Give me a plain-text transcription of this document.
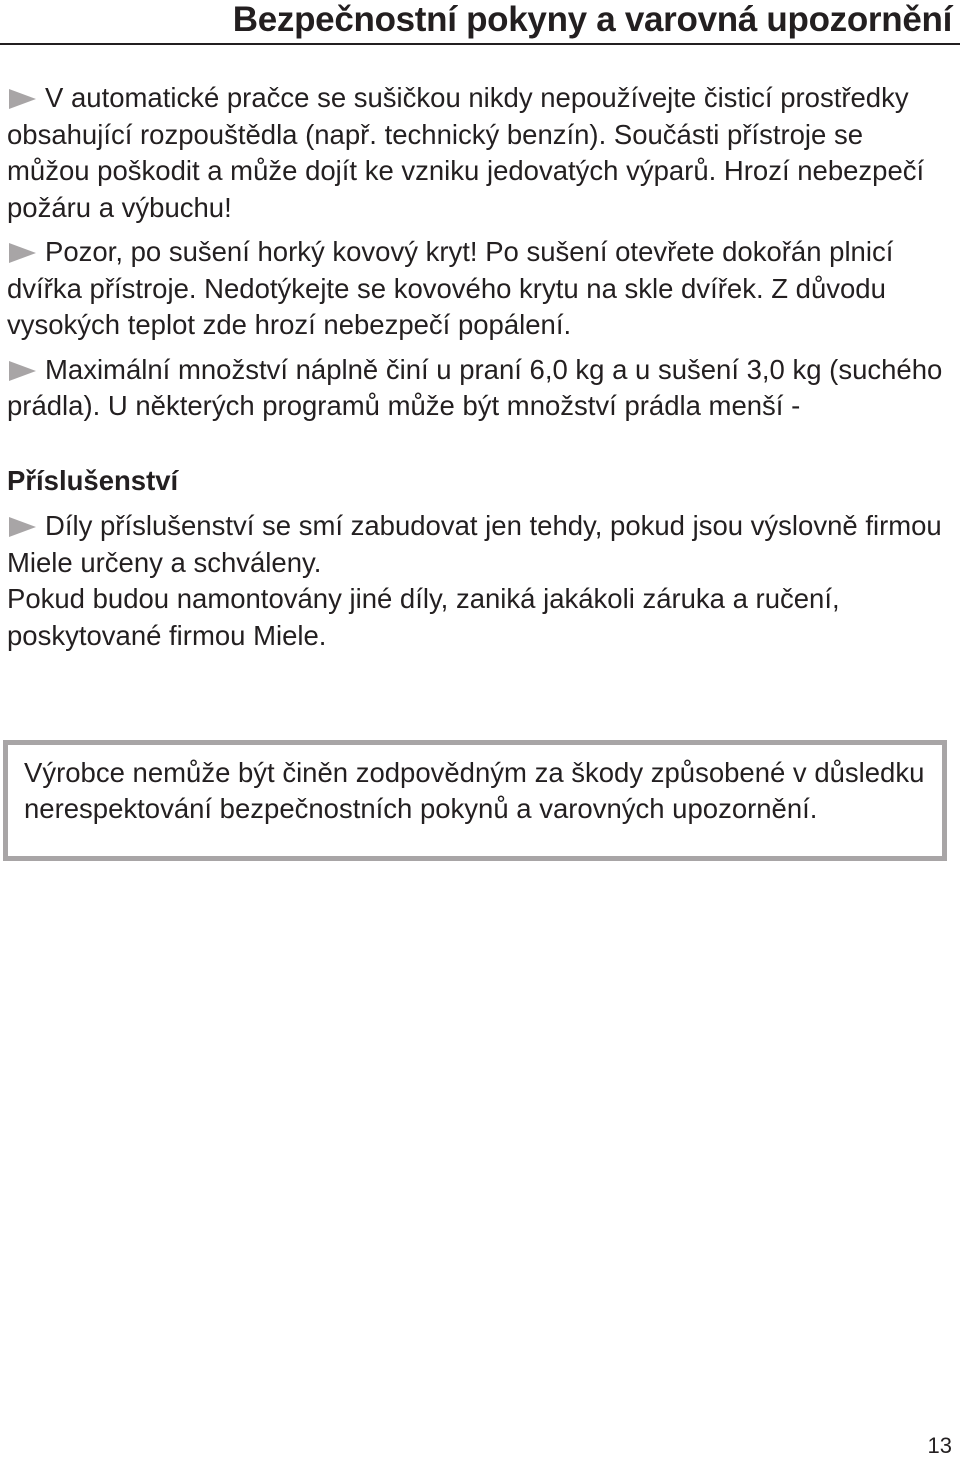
Bezpečnostní pokyny a varovná upozornění

V automatické pračce se sušičkou nikdy nepoužívejte čisticí prostředky obsahující rozpouštědla (např. technický benzín). Součásti přístroje se můžou poškodit a může dojít ke vzniku jedovatých výparů. Hrozí nebezpečí požáru a výbuchu!

Pozor, po sušení horký kovový kryt! Po sušení otevřete dokořán plnicí dvířka přístroje. Nedotýkejte se kovového krytu na skle dvířek. Z důvodu vysokých teplot zde hrozí nebezpečí popálení.

Maximální množství náplně činí u praní 6,0 kg a u sušení 3,0 kg (suchého prádla). U některých programů může být množství prádla menší -

Příslušenství

Díly příslušenství se smí zabudovat jen tehdy, pokud jsou výslovně firmou Miele určeny a schváleny.

Pokud budou namontovány jiné díly, zaniká jakákoli záruka a ručení, poskytované firmou Miele.

Výrobce nemůže být činěn zodpovědným za škody způsobené v důsledku nerespektování bezpečnostních pokynů a varovných upozornění.

13
